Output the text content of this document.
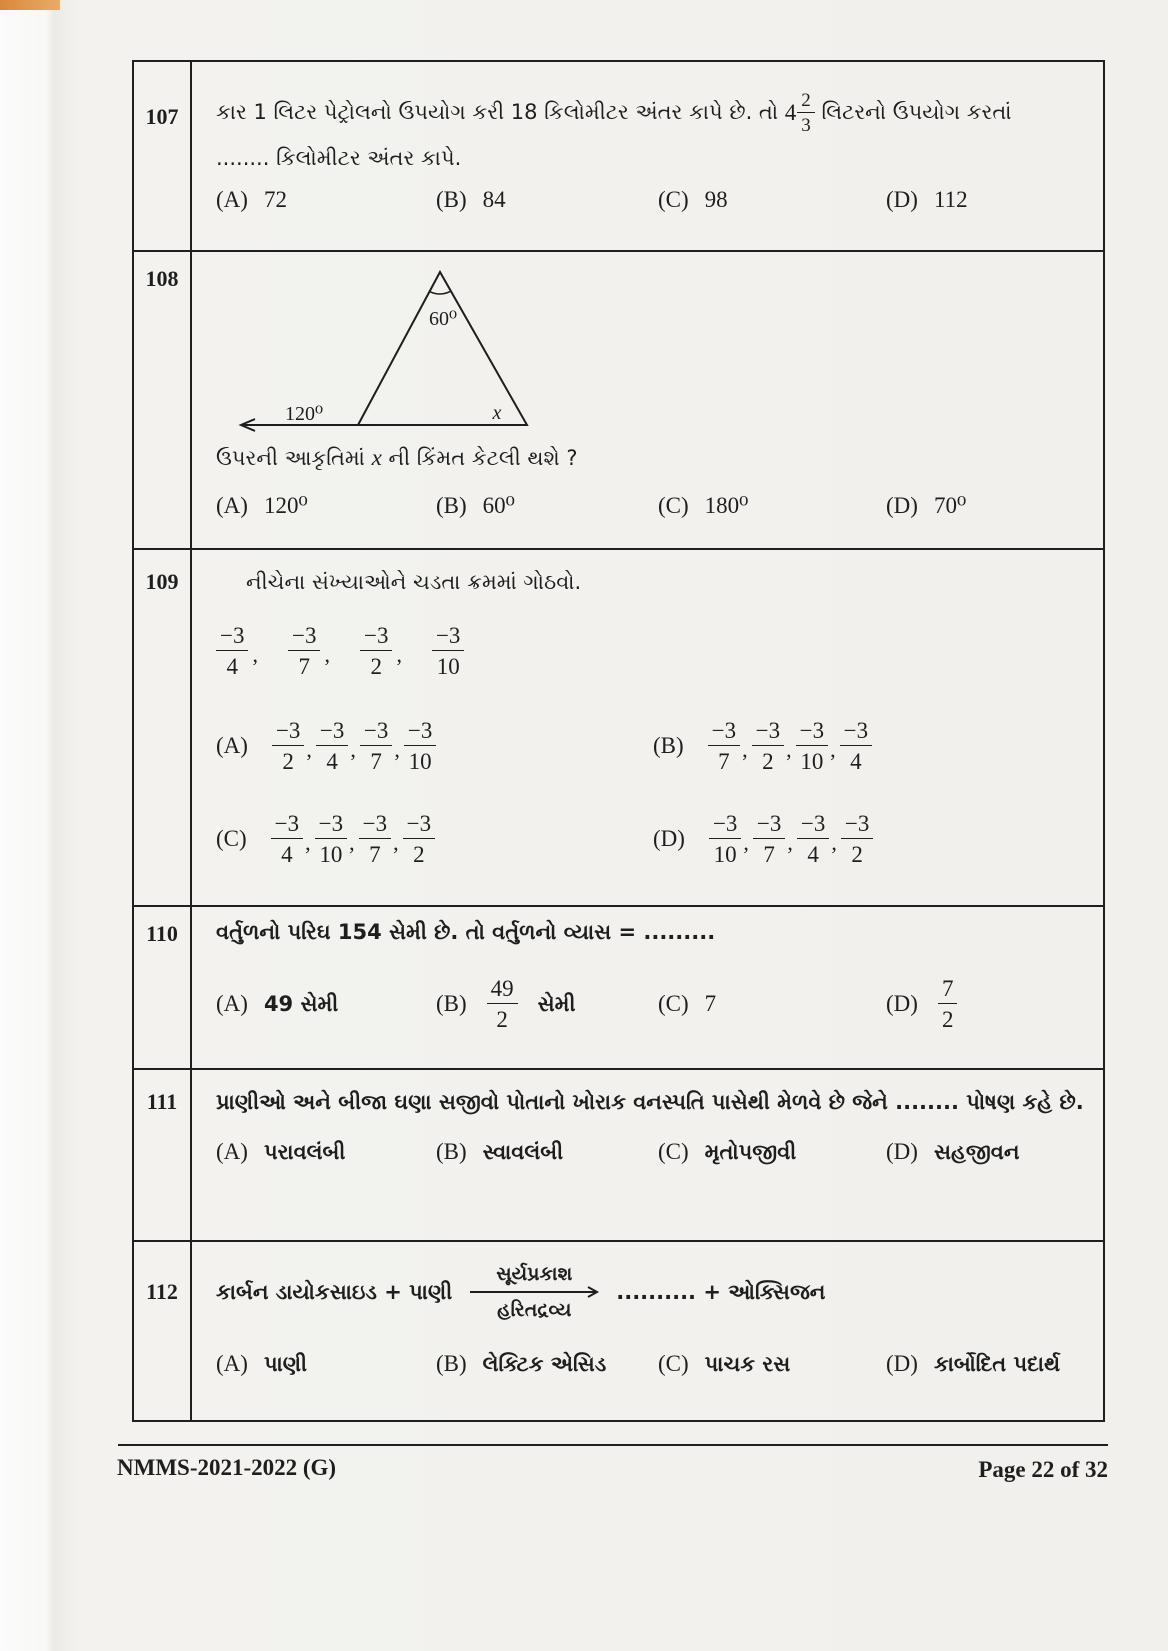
107	કાર 1 લિટર પેટ્રોલનો ઉપયોગ કરી 18 કિલોમીટર અંતર કાપે છે. તો $4 \frac{2}{3}$ લિટરનો ઉપયોગ કરતાં
........ કિલોમીટર અંતર કાપે.
(A) 72	(B) 84	(C) 98	(D) 112
108
60⁰
120⁰	x
ઉપરની આકૃતિમાં x ની કિંમત કેટલી થશે ?
(A) 120⁰	(B) 60⁰	(C) 180⁰	(D) 70⁰
109	નીચેના સંખ્યાઓને ચડતા ક્રમમાં ગોઠવો.
$\frac{-3}{4}$ , $\frac{-3}{7}$ , $\frac{-3}{2}$ , $\frac{-3}{10}$
$(A) \frac{-3}{2}$ , $\frac{-3}{4}$ , $\frac{-3}{7}$ , $\frac{-3}{10}$	$(B) \frac{-3}{7}$ , $\frac{-3}{2}$ , $\frac{-3}{10}$ , $\frac{-3}{4}$
$(C) \frac{-3}{4}$ , $\frac{-3}{10}$ , $\frac{-3}{7}$ , $\frac{-3}{2}$	$(D) \frac{-3}{10}$ , $\frac{-3}{7}$ , $\frac{-3}{4}$ , $\frac{-3}{2}$
110	વર્તુળનો પરિઘ 154 સેમી છે. તો વર્તુળનો વ્યાસ = .........
(A) 49 સેમી	$(B) \frac{49}{2}$ સેમી	(C) 7	$(D) \frac{7}{2}$
111	પ્રાણીઓ અને બીજા ઘણા સજીવો પોતાનો ખોરાક વનસ્પતિ પાસેથી મેળવે છે જેને ........ પોષણ કહે છે.
(A) પરાવલંબી	(B) સ્વાવલંબી	(C) મૃતોપજીવી	(D) સહજીવન
112	કાર્બન ડાયોકસાઇડ + પાણી
સૂર્યપ્રકાશ
હરિતદ્રવ્ય
.......... + ઓક્સિજન
(A) પાણી	(B) લેક્ટિક એસિડ (C) પાચક રસ	(D) કાર્બોદિત પદાર્થ
NMMS-2021-2022 (G)	Page 22 of 32
